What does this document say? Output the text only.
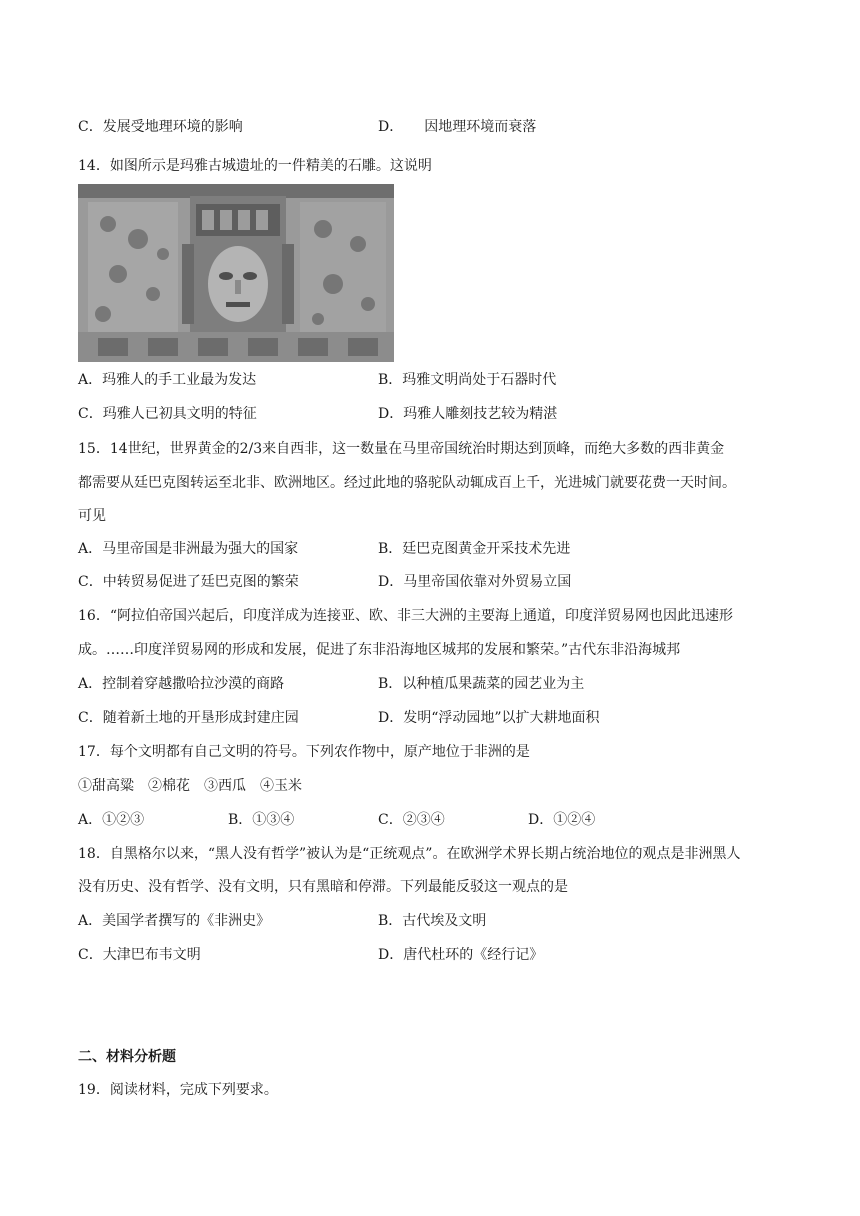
C．发展受地理环境的影响	D．　　因地理环境而衰落
14．如图所示是玛雅古城遗址的一件精美的石雕。这说明
A．玛雅人的手工业最为发达	B．玛雅文明尚处于石器时代
C．玛雅人已初具文明的特征	D．玛雅人雕刻技艺较为精湛
15．14世纪，世界黄金的2/3来自西非，这一数量在马里帝国统治时期达到顶峰，而绝大多数的西非黄金
都需要从廷巴克图转运至北非、欧洲地区。经过此地的骆驼队动辄成百上千，光进城门就要花费一天时间。
可见
A．马里帝国是非洲最为强大的国家	B．廷巴克图黄金开采技术先进
C．中转贸易促进了廷巴克图的繁荣	D．马里帝国依靠对外贸易立国
16．“阿拉伯帝国兴起后，印度洋成为连接亚、欧、非三大洲的主要海上通道，印度洋贸易网也因此迅速形
成。……印度洋贸易网的形成和发展，促进了东非沿海地区城邦的发展和繁荣。”古代东非沿海城邦
A．控制着穿越撒哈拉沙漠的商路	B．以种植瓜果蔬菜的园艺业为主
C．随着新土地的开垦形成封建庄园	D．发明“浮动园地”以扩大耕地面积
17．每个文明都有自己文明的符号。下列农作物中，原产地位于非洲的是
①甜高粱　②棉花　③西瓜　④玉米
A．①②③	B．①③④	C．②③④	D．①②④
18．自黑格尔以来，“黑人没有哲学”被认为是“正统观点”。在欧洲学术界长期占统治地位的观点是非洲黑人
没有历史、没有哲学、没有文明，只有黑暗和停滞。下列最能反驳这一观点的是
A．美国学者撰写的《非洲史》	B．古代埃及文明
C．大津巴布韦文明	D．唐代杜环的《经行记》
二、材料分析题
19．阅读材料，完成下列要求。
